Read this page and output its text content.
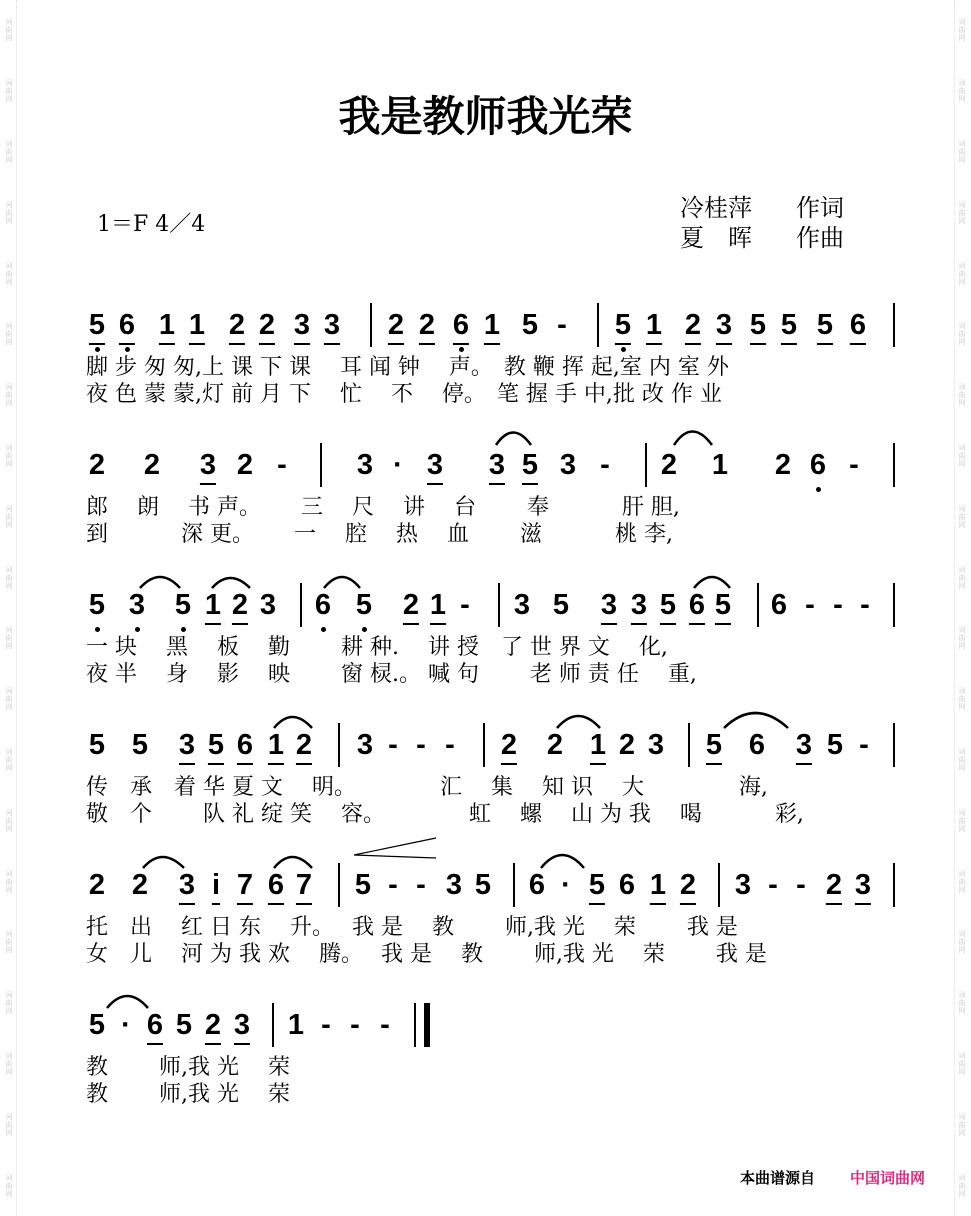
词
曲
网
词
曲
网
词
曲
网
词
曲
网
词
曲
网
词
曲
网
词
曲
网
词
曲
网
词
曲
网
词
曲
网
词
曲
网
词
曲
网
词
曲
网
词
曲
网
词
曲
网
词
曲
网
词
曲
网
词
曲
网
词
曲
网
词
曲
网
词
曲
网
词
曲
网
词
曲
网
词
曲
网
词
曲
网
词
曲
网
词
曲
网
词
曲
网
词
曲
网
词
曲
网
词
曲
网
词
曲
网
词
曲
网
词
曲
网
词
曲
网
词
曲
网
词
曲
网
词
曲
网
词
曲
网
词
曲
网
我是教师我光荣
1＝F 4／4
冷桂萍 作词
夏　晖 作曲
5 6 1 1 2 2 3 3 2 2 6 1 5 - 5 1 2 3 5 5 5 6
脚 步 匆 匆,上 课 下 课　 耳 闻 钟　 声。　教 鞭 挥 起,室 内 室 外
夜 色 蒙 蒙,灯 前 月 下　 忙　 不　 停。　笔 握 手 中,批 改 作 业
2 2 3 2 - 3 · 3 3 5 3 - 2 1 2 6 -
郎　 朗　 书 声。　　 三　 尺　 讲　 台　　 奉　　　 肝 胆,
到　　　 深 更。　　 一　 腔　 热　 血　　 滋　　　 桃 李,
5 3 5 1 2 3 6 5 2 1 - 3 5 3 3 5 6 5 6 - - -
一 块　 黑　 板　 勤　　 耕 种.　 讲 授　了 世 界 文　 化,
夜 半　 身　 影　 映　　 窗 棂.。 喊 句　　 老 师 责 任　 重,
5 5 3 5 6 1 2 3 - - - 2 2 1 2 3 5 6 3 5 -
传　承　着 华 夏 文　 明。　　　　 汇　 集　 知 识　 大　　　　 海,
敬　个　　 队 礼 绽 笑　 容。　　　　 虹　 螺　 山 为 我　 喝　　　 彩,
2 2 3 i 7 6 7 5 - - 3 5 6 · 5 6 1 2 3 - - 2 3
托　出　 红 日 东　 升。　 我 是　 教　　 师,我 光　 荣　　 我 是
女　儿　 河 为 我 欢　 腾。　 我 是　 教　　 师,我 光　 荣　　 我 是
5 · 6 5 2 3 1 - - -
教　　 师,我 光　 荣
教　　 师,我 光　 荣
本曲谱源自 中国词曲网
